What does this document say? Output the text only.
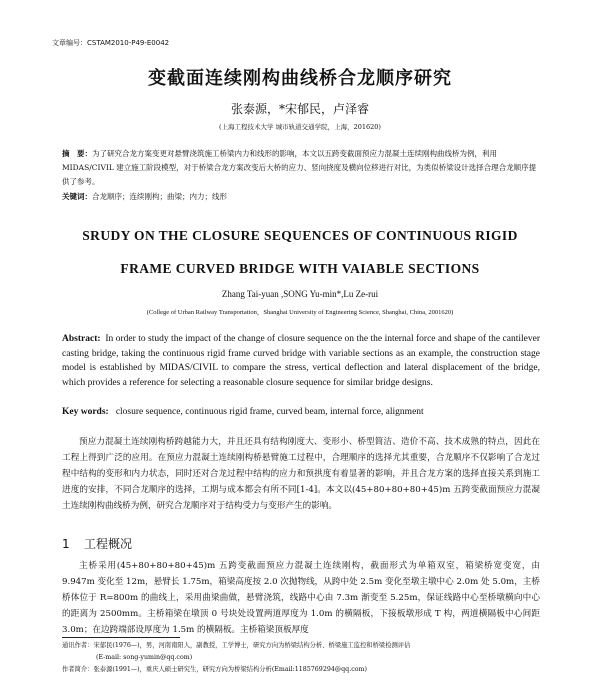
文章编号：CSTAM2010-P49-E0042
变截面连续刚构曲线桥合龙顺序研究
张泰源，*宋郁民，卢泽睿
(上海工程技术大学 城市轨道交通学院，上海，201620)
摘　要：为了研究合龙方案变更对悬臂浇筑施工桥梁内力和线形的影响，本文以五跨变截面预应力混凝土连续刚构曲线桥为例，利用 MIDAS/CIVIL 建立施工阶段模型，对于桥梁合龙方案改变后大桥的应力、竖向挠度及横向位移进行对比，为类似桥梁设计选择合理合龙顺序提供了参考。
关键词：合龙顺序；连续刚构；曲梁；内力；线形
SRUDY ON THE CLOSURE SEQUENCES OF CONTINUOUS RIGID
FRAME CURVED BRIDGE WITH VAIABLE SECTIONS
Zhang Tai-yuan ,SONG Yu-min*,Lu Ze-rui
(College of Urban Railway Transportation，Shanghai University of Engineering Science, Shanghai, China, 2001620)
Abstract: In order to study the impact of the change of closure sequence on the the internal force and shape of the cantilever casting bridge, taking the continuous rigid frame curved bridge with variable sections as an example, the construction stage model is established by MIDAS/CIVIL to compare the stress, vertical deflection and lateral displacement of the bridge, which provides a reference for selecting a reasonable closure sequence for similar bridge designs.
Key words: closure sequence, continuous rigid frame, curved beam, internal force, alignment
预应力混凝土连续刚构桥跨越能力大，并且还具有结构刚度大、变形小、桥型简洁、造价不高、技术成熟的特点，因此在工程上得到广泛的应用。在预应力混凝土连续刚构桥悬臂施工过程中，合理顺序的选择尤其重要，合龙顺序不仅影响了合龙过程中结构的变形和内力状态，同时还对合龙过程中结构的应力和预拱度有着显著的影响，并且合龙方案的选择直接关系到施工进度的安排，不同合龙顺序的选择，工期与成本都会有所不同[1-4]。本文以(45+80+80+80+45)m 五跨变截面预应力混凝土连续刚构曲线桥为例，研究合龙顺序对于结构受力与变形产生的影响。
1 工程概况
主桥采用(45+80+80+80+45)m 五跨变截面预应力混凝土连续刚构，截面形式为单箱双室，箱梁桥宽变宽，由 9.947m 变化至 12m，悬臂长 1.75m，箱梁高度按 2.0 次抛物线，从跨中处 2.5m 变化至墩主墩中心 2.0m 处 5.0m，主桥桥体位于 R=800m 的曲线上，采用曲梁曲做，悬臂浇筑，线路中心由 7.3m 渐变至 5.25m，保证线路中心至桥墩横向中心的距离为 2500mm。主桥箱梁在墩顶 0 号块处设置两道厚度为 1.0m 的横隔板，下接板墩形成 T 构，两道横隔板中心间距 3.0m；在边跨端部设厚度为 1.5m 的横隔板。主桥箱梁顶板厚度
通讯作者：宋郁民(1976—)，男，河南南阳人，副教授，工学博士，研究方向为桥梁结构分析、桥梁施工监控和桥梁检测评估
(E-mail: song-yumin@qq.com)
作者简介：张泰源(1991—)，重庆人硕士研究生，研究方向为桥梁结构分析(Email:1185769294@qq.com)
